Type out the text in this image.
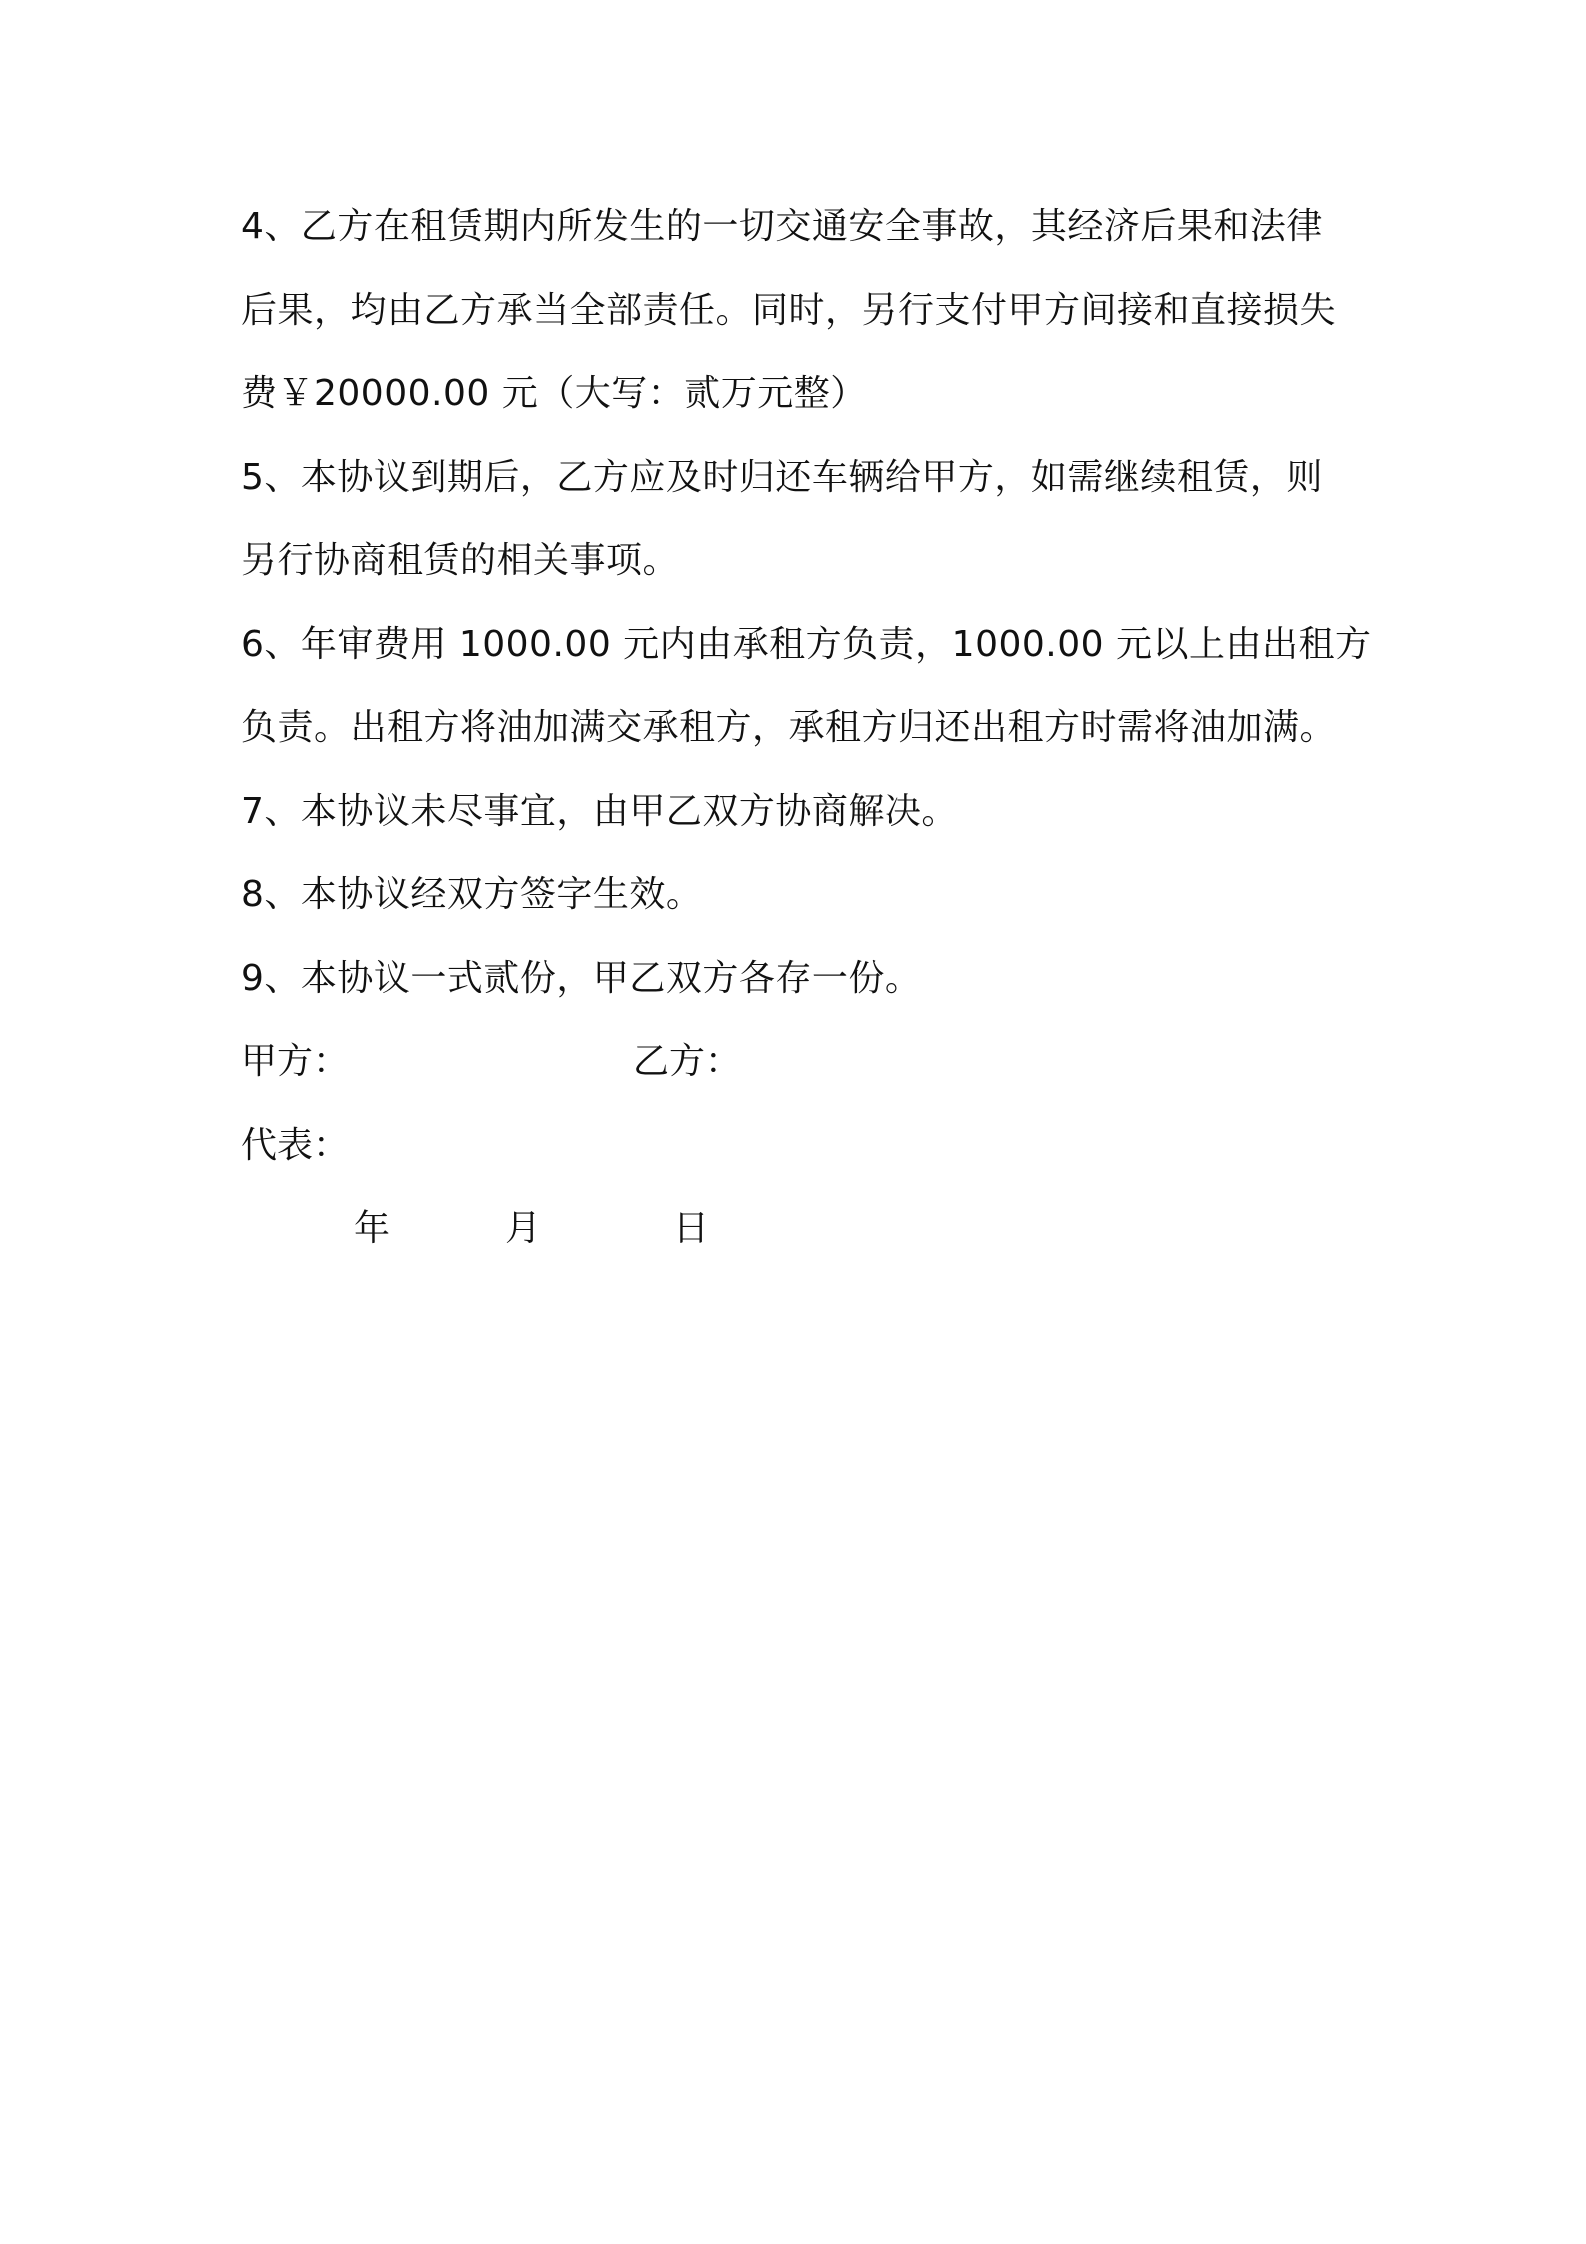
4、乙方在租赁期内所发生的一切交通安全事故，其经济后果和法律
后果，均由乙方承当全部责任。同时，另行支付甲方间接和直接损失
费￥20000.00 元（大写：贰万元整）
5、本协议到期后，乙方应及时归还车辆给甲方，如需继续租赁，则
另行协商租赁的相关事项。
6、年审费用 1000.00 元内由承租方负责，1000.00 元以上由出租方
负责。出租方将油加满交承租方，承租方归还出租方时需将油加满。
7、本协议未尽事宜，由甲乙双方协商解决。
8、本协议经双方签字生效。
9、本协议一式贰份，甲乙双方各存一份。
甲方：	乙方：
代表：
年	月	日
